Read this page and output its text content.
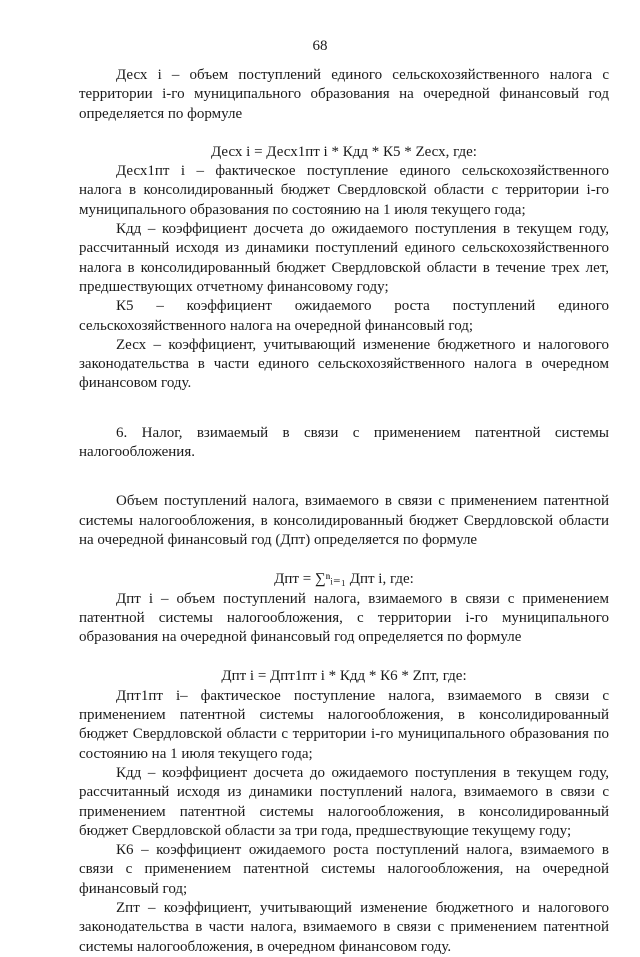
68

Десх i – объем поступлений единого сельскохозяйственного налога с территории i-го муниципального образования на очередной финансовый год определяется по формуле

Десх i = Десх1пт i * Кдд * К5 * Zесх, где:

Десх1пт i – фактическое поступление единого сельскохозяйственного налога в консолидированный бюджет Свердловской области с территории i-го муниципального образования по состоянию на 1 июля текущего года;

Кдд – коэффициент досчета до ожидаемого поступления в текущем году, рассчитанный исходя из динамики поступлений единого сельскохозяйственного налога в консолидированный бюджет Свердловской области в течение трех лет, предшествующих отчетному финансовому году;

К5 – коэффициент ожидаемого роста поступлений единого сельскохозяйственного налога на очередной финансовый год;

Zесх – коэффициент, учитывающий изменение бюджетного и налогового законодательства в части единого сельскохозяйственного налога в очередном финансовом году.

6. Налог, взимаемый в связи с применением патентной системы налогообложения.

Объем поступлений налога, взимаемого в связи с применением патентной системы налогообложения, в консолидированный бюджет Свердловской области на очередной финансовый год (Дпт) определяется по формуле

Дпт = ∑ⁿᵢ₌₁ Дпт i, где:

Дпт i – объем поступлений налога, взимаемого в связи с применением патентной системы налогообложения, с территории i-го муниципального образования на очередной финансовый год определяется по формуле

Дпт i = Дпт1пт i * Кдд * К6 * Zпт, где:

Дпт1пт i– фактическое поступление налога, взимаемого в связи с применением патентной системы налогообложения, в консолидированный бюджет Свердловской области с территории i-го муниципального образования по состоянию на 1 июля текущего года;

Кдд – коэффициент досчета до ожидаемого поступления в текущем году, рассчитанный исходя из динамики поступлений налога, взимаемого в связи с применением патентной системы налогообложения, в консолидированный бюджет Свердловской области за три года, предшествующие текущему году;

К6 – коэффициент ожидаемого роста поступлений налога, взимаемого в связи с применением патентной системы налогообложения, на очередной финансовый год;

Zпт – коэффициент, учитывающий изменение бюджетного и налогового законодательства в части налога, взимаемого в связи с применением патентной системы налогообложения, в очередном финансовом году.
